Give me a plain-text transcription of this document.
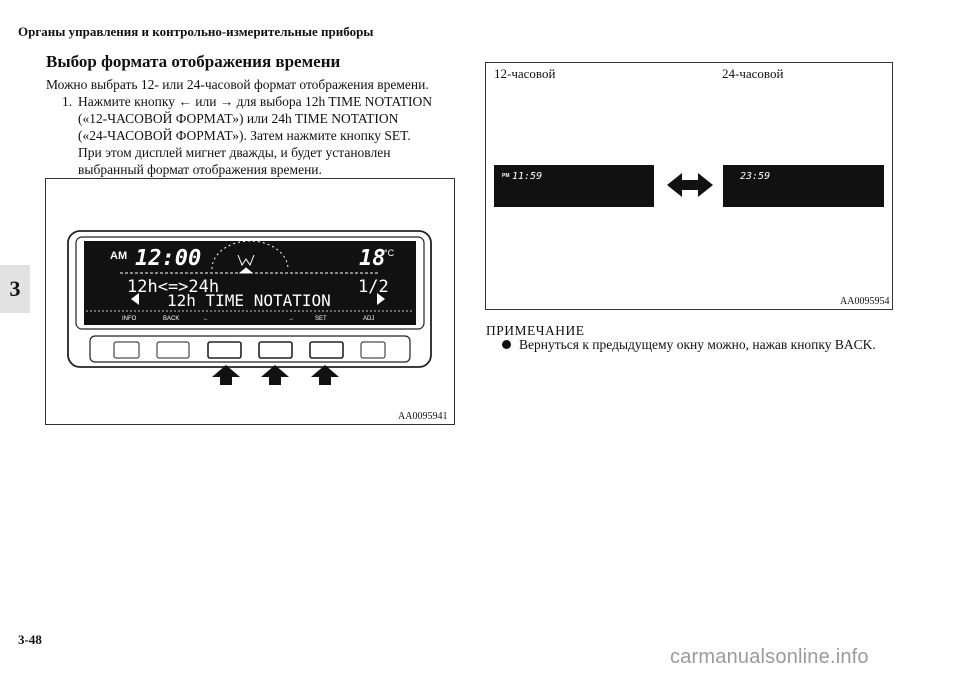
Органы управления и контрольно-измерительные приборы
3
Выбор формата отображения времени
Можно выбрать 12- или 24-часовой формат отображения времени.
1. Нажмите кнопку ← или → для выбора 12h TIME NOTATION
(«12-ЧАСОВОЙ ФОРМАТ») или 24h TIME NOTATION
(«24-ЧАСОВОЙ ФОРМАТ»). Затем нажмите кнопку SET.
При этом дисплей мигнет дважды, и будет установлен
выбранный формат отображения времени.
AM 12:00	18
°C
12h<=>24h	1/2
12h TIME NOTATION
INFO	BACK	←	→	SET	ADJ
AA0095941
PM 11:59	23:59
AA0095954
12-часовой	24-часовой
ПРИМЕЧАНИЕ
Вернуться к предыдущему окну можно, нажав кнопку BACK.
3-48
carmanualsonline.info
